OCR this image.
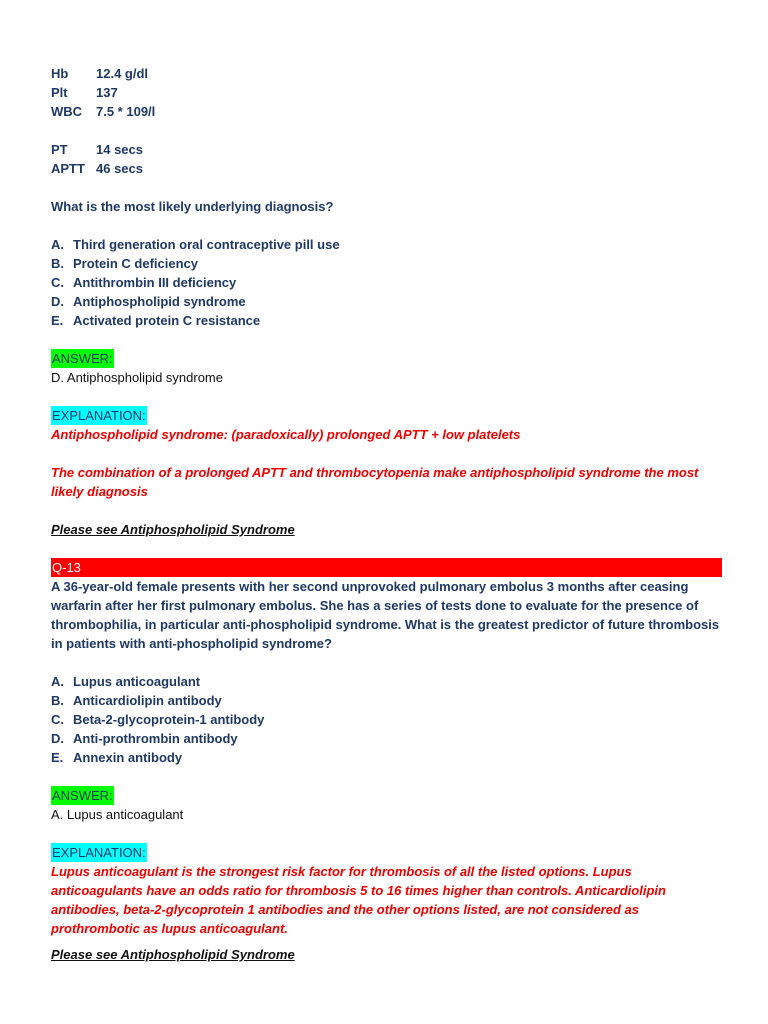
Hb	12.4 g/dl
Plt	137
WBC	7.5 * 109/l
PT	14 secs
APTT 46 secs
What is the most likely underlying diagnosis?
A. Third generation oral contraceptive pill use
B. Protein C deficiency
C. Antithrombin III deficiency
D. Antiphospholipid syndrome
E. Activated protein C resistance
ANSWER:
D. Antiphospholipid syndrome
EXPLANATION:
Antiphospholipid syndrome: (paradoxically) prolonged APTT + low platelets
The combination of a prolonged APTT and thrombocytopenia make antiphospholipid syndrome the most likely diagnosis
Please see Antiphospholipid Syndrome
Q-13
A 36-year-old female presents with her second unprovoked pulmonary embolus 3 months after ceasing warfarin after her first pulmonary embolus. She has a series of tests done to evaluate for the presence of thrombophilia, in particular anti-phospholipid syndrome. What is the greatest predictor of future thrombosis in patients with anti-phospholipid syndrome?
A. Lupus anticoagulant
B. Anticardiolipin antibody
C. Beta-2-glycoprotein-1 antibody
D. Anti-prothrombin antibody
E. Annexin antibody
ANSWER:
A. Lupus anticoagulant
EXPLANATION:
Lupus anticoagulant is the strongest risk factor for thrombosis of all the listed options. Lupus anticoagulants have an odds ratio for thrombosis 5 to 16 times higher than controls. Anticardiolipin antibodies, beta-2-glycoprotein 1 antibodies and the other options listed, are not considered as prothrombotic as lupus anticoagulant.
Please see Antiphospholipid Syndrome
